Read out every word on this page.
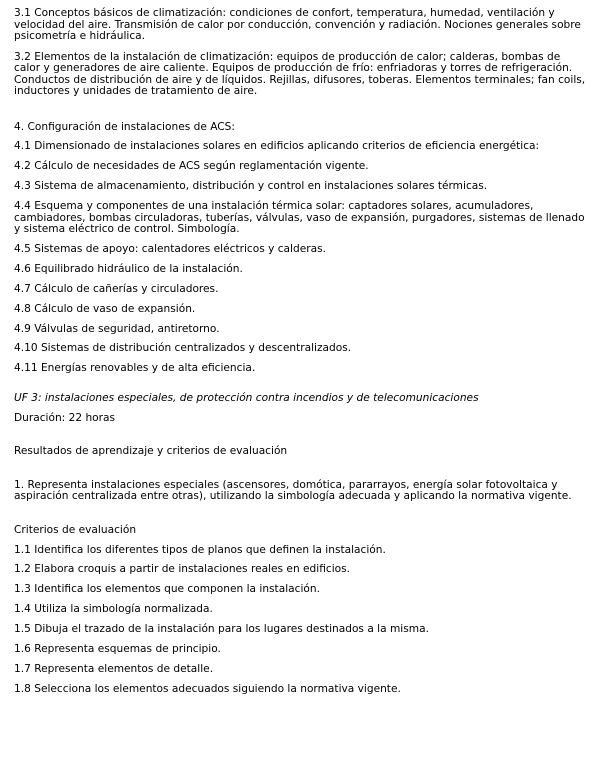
3.1 Conceptos básicos de climatización: condiciones de confort, temperatura, humedad, ventilación y velocidad del aire. Transmisión de calor por conducción, convención y radiación. Nociones generales sobre psicometría e hidráulica.

3.2 Elementos de la instalación de climatización: equipos de producción de calor; calderas, bombas de calor y generadores de aire caliente. Equipos de producción de frío: enfriadoras y torres de refrigeración. Conductos de distribución de aire y de líquidos. Rejillas, difusores, toberas. Elementos terminales; fan coils, inductores y unidades de tratamiento de aire.

4. Configuración de instalaciones de ACS:

4.1 Dimensionado de instalaciones solares en edificios aplicando criterios de eficiencia energética:

4.2 Cálculo de necesidades de ACS según reglamentación vigente.

4.3 Sistema de almacenamiento, distribución y control en instalaciones solares térmicas.

4.4 Esquema y componentes de una instalación térmica solar: captadores solares, acumuladores, cambiadores, bombas circuladoras, tuberías, válvulas, vaso de expansión, purgadores, sistemas de llenado y sistema eléctrico de control. Simbología.

4.5 Sistemas de apoyo: calentadores eléctricos y calderas.

4.6 Equilibrado hidráulico de la instalación.

4.7 Cálculo de cañerías y circuladores.

4.8 Cálculo de vaso de expansión.

4.9 Válvulas de seguridad, antiretorno.

4.10 Sistemas de distribución centralizados y descentralizados.

4.11 Energías renovables y de alta eficiencia.

UF 3: instalaciones especiales, de protección contra incendios y de telecomunicaciones

Duración: 22 horas

Resultados de aprendizaje y criterios de evaluación

1. Representa instalaciones especiales (ascensores, domótica, pararrayos, energía solar fotovoltaica y aspiración centralizada entre otras), utilizando la simbología adecuada y aplicando la normativa vigente.

Criterios de evaluación

1.1 Identifica los diferentes tipos de planos que definen la instalación.

1.2 Elabora croquis a partir de instalaciones reales en edificios.

1.3 Identifica los elementos que componen la instalación.

1.4 Utiliza la simbología normalizada.

1.5 Dibuja el trazado de la instalación para los lugares destinados a la misma.

1.6 Representa esquemas de principio.

1.7 Representa elementos de detalle.

1.8 Selecciona los elementos adecuados siguiendo la normativa vigente.
